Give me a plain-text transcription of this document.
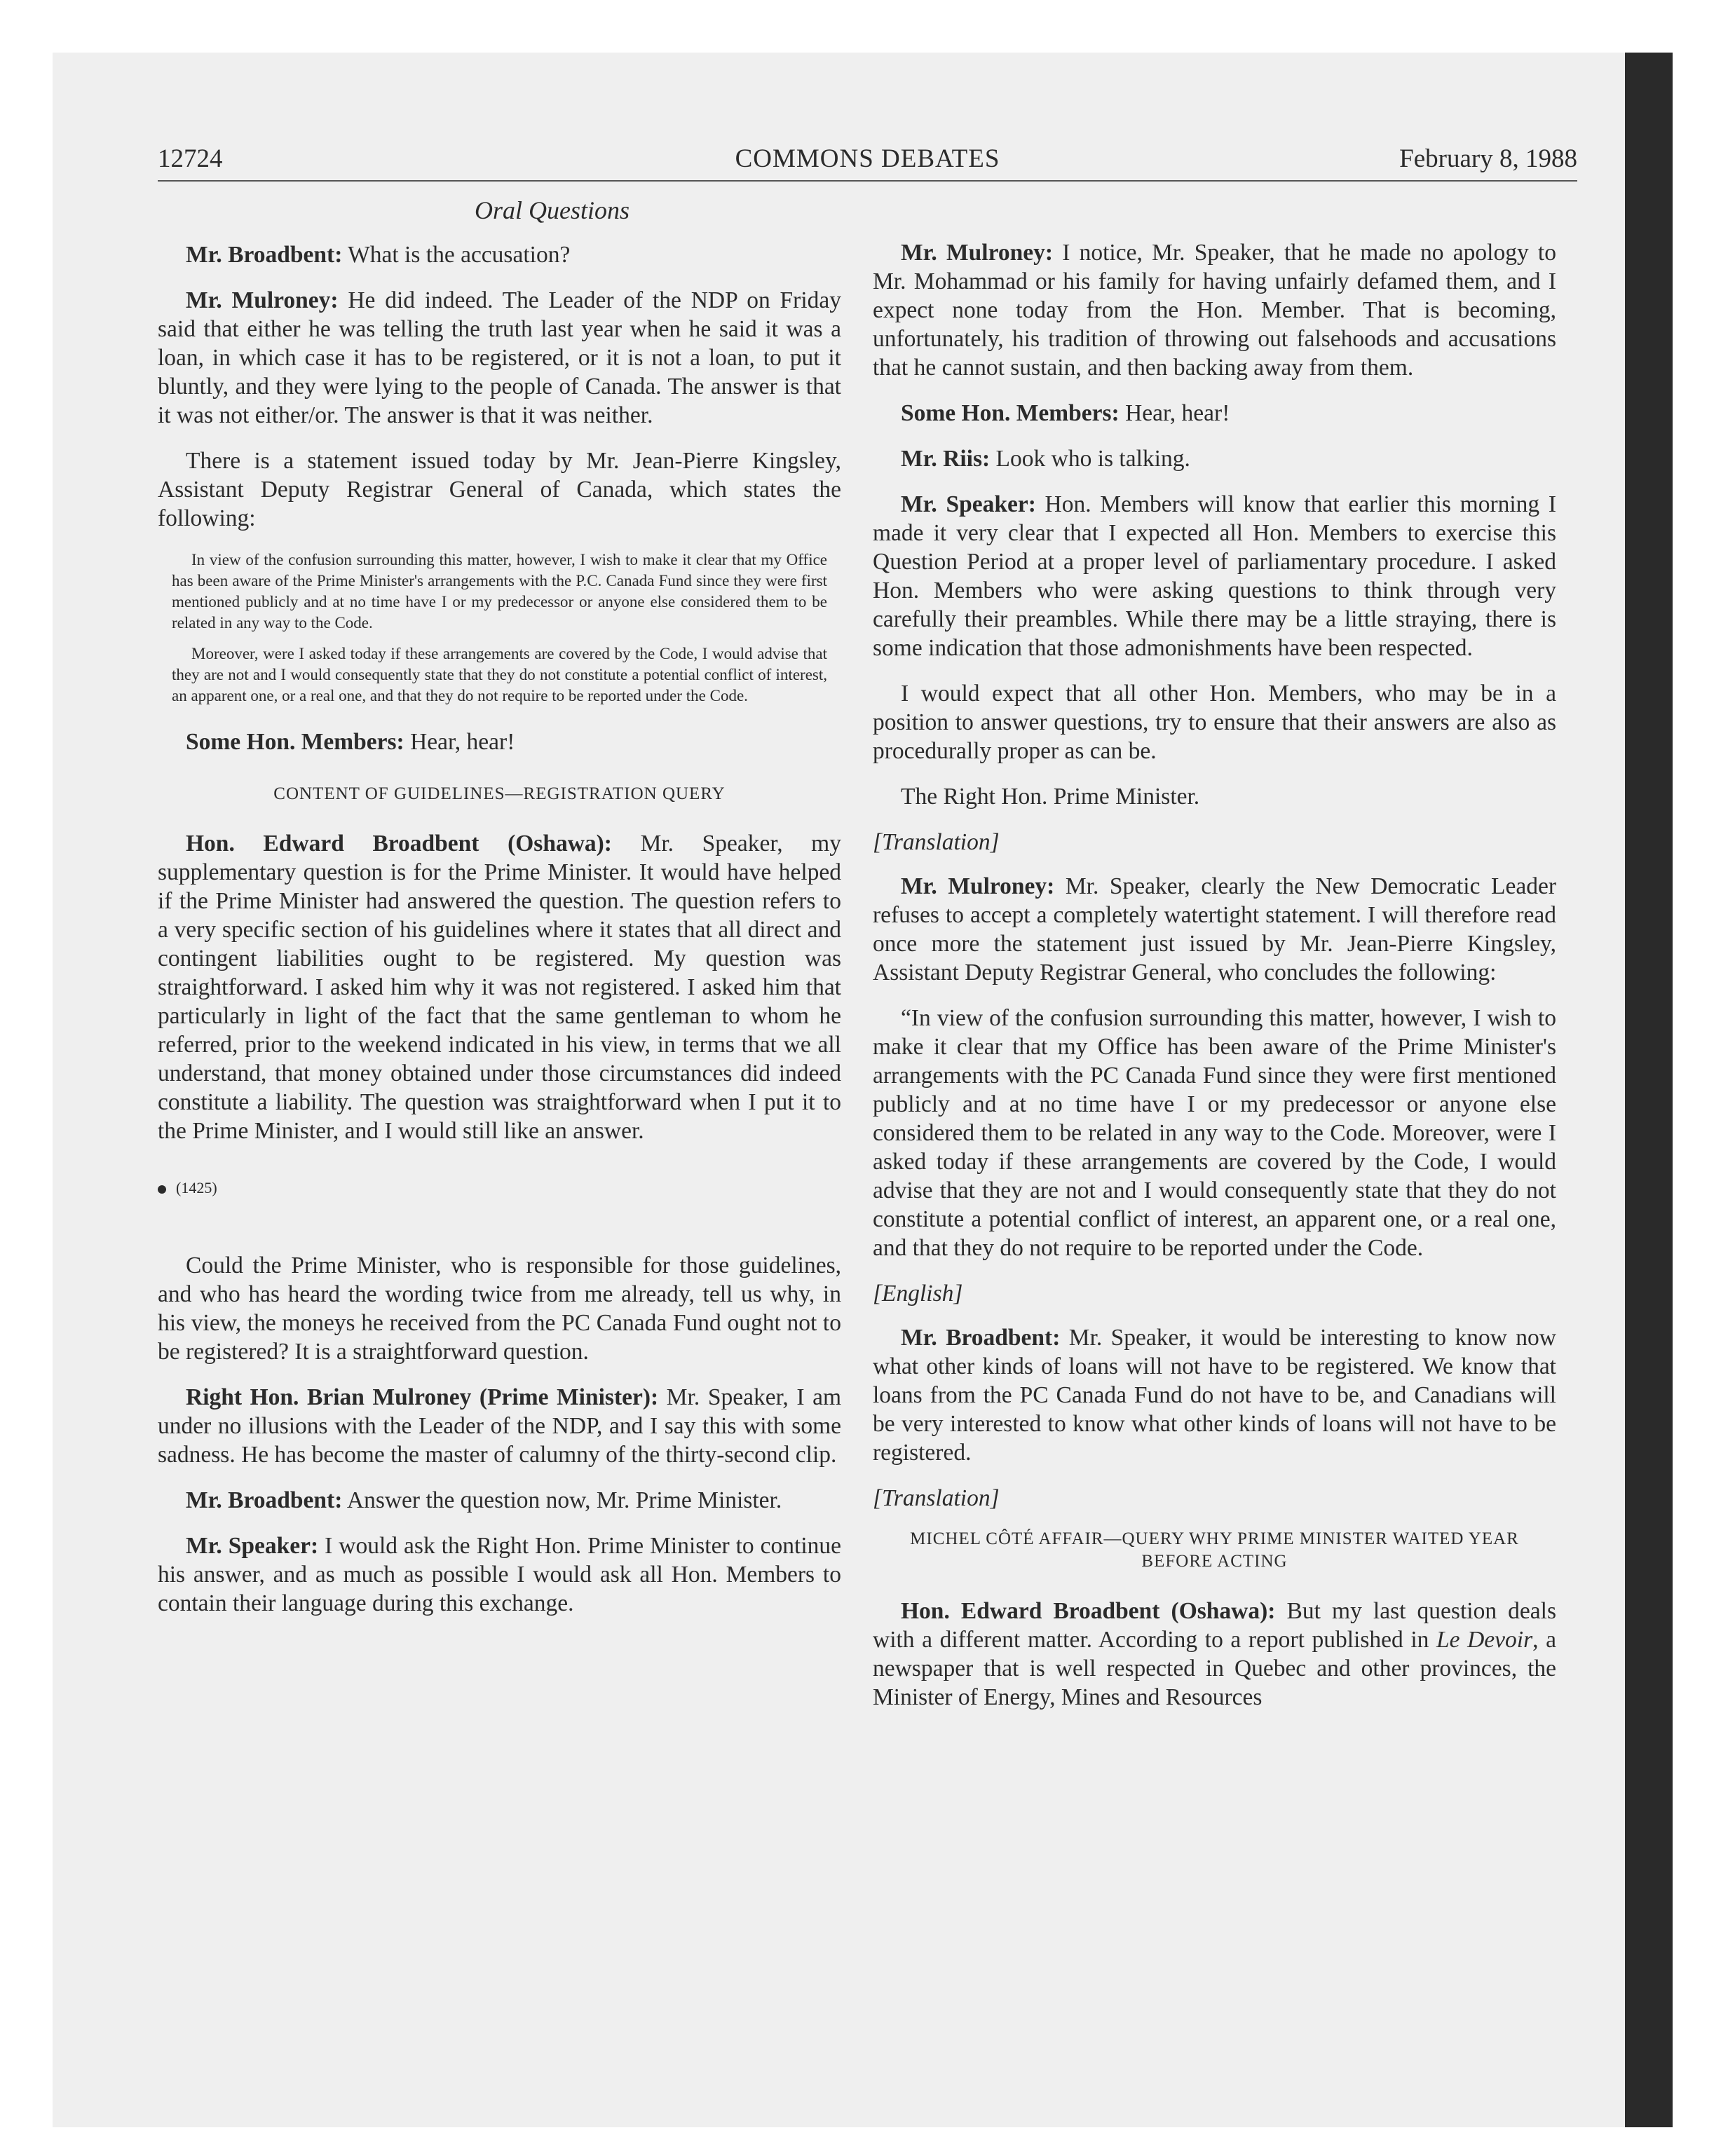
12724	COMMONS DEBATES	February 8, 1988
Oral Questions

Mr. Broadbent: What is the accusation?

Mr. Mulroney: He did indeed. The Leader of the NDP on Friday said that either he was telling the truth last year when he said it was a loan, in which case it has to be registered, or it is not a loan, to put it bluntly, and they were lying to the people of Canada. The answer is that it was not either/or. The answer is that it was neither.

There is a statement issued today by Mr. Jean-Pierre Kingsley, Assistant Deputy Registrar General of Canada, which states the following:

In view of the confusion surrounding this matter, however, I wish to make it clear that my Office has been aware of the Prime Minister's arrangements with the P.C. Canada Fund since they were first mentioned publicly and at no time have I or my predecessor or anyone else considered them to be related in any way to the Code.
Moreover, were I asked today if these arrangements are covered by the Code, I would advise that they are not and I would consequently state that they do not constitute a potential conflict of interest, an apparent one, or a real one, and that they do not require to be reported under the Code.

Some Hon. Members: Hear, hear!

CONTENT OF GUIDELINES—REGISTRATION QUERY

Hon. Edward Broadbent (Oshawa): Mr. Speaker, my supplementary question is for the Prime Minister. It would have helped if the Prime Minister had answered the question. The question refers to a very specific section of his guidelines where it states that all direct and contingent liabilities ought to be registered. My question was straightforward. I asked him why it was not registered. I asked him that particularly in light of the fact that the same gentleman to whom he referred, prior to the weekend indicated in his view, in terms that we all understand, that money obtained under those circumstances did indeed constitute a liability. The question was straightforward when I put it to the Prime Minister, and I would still like an answer.

(1425)

Could the Prime Minister, who is responsible for those guidelines, and who has heard the wording twice from me already, tell us why, in his view, the moneys he received from the PC Canada Fund ought not to be registered? It is a straightforward question.

Right Hon. Brian Mulroney (Prime Minister): Mr. Speaker, I am under no illusions with the Leader of the NDP, and I say this with some sadness. He has become the master of calumny of the thirty-second clip.

Mr. Broadbent: Answer the question now, Mr. Prime Minister.

Mr. Speaker: I would ask the Right Hon. Prime Minister to continue his answer, and as much as possible I would ask all Hon. Members to contain their language during this exchange.

Mr. Mulroney: I notice, Mr. Speaker, that he made no apology to Mr. Mohammad or his family for having unfairly defamed them, and I expect none today from the Hon. Member. That is becoming, unfortunately, his tradition of throwing out falsehoods and accusations that he cannot sustain, and then backing away from them.

Some Hon. Members: Hear, hear!

Mr. Riis: Look who is talking.

Mr. Speaker: Hon. Members will know that earlier this morning I made it very clear that I expected all Hon. Members to exercise this Question Period at a proper level of parliamentary procedure. I asked Hon. Members who were asking questions to think through very carefully their preambles. While there may be a little straying, there is some indication that those admonishments have been respected.

I would expect that all other Hon. Members, who may be in a position to answer questions, try to ensure that their answers are also as procedurally proper as can be.

The Right Hon. Prime Minister.

[Translation]

Mr. Mulroney: Mr. Speaker, clearly the New Democratic Leader refuses to accept a completely watertight statement. I will therefore read once more the statement just issued by Mr. Jean-Pierre Kingsley, Assistant Deputy Registrar General, who concludes the following:

“In view of the confusion surrounding this matter, however, I wish to make it clear that my Office has been aware of the Prime Minister's arrangements with the PC Canada Fund since they were first mentioned publicly and at no time have I or my predecessor or anyone else considered them to be related in any way to the Code. Moreover, were I asked today if these arrangements are covered by the Code, I would advise that they are not and I would consequently state that they do not constitute a potential conflict of interest, an apparent one, or a real one, and that they do not require to be reported under the Code.

[English]

Mr. Broadbent: Mr. Speaker, it would be interesting to know now what other kinds of loans will not have to be registered. We know that loans from the PC Canada Fund do not have to be, and Canadians will be very interested to know what other kinds of loans will not have to be registered.

[Translation]
MICHEL CÔTÉ AFFAIR—QUERY WHY PRIME MINISTER WAITED YEAR BEFORE ACTING

Hon. Edward Broadbent (Oshawa): But my last question deals with a different matter. According to a report published in Le Devoir, a newspaper that is well respected in Quebec and other provinces, the Minister of Energy, Mines and Resources
